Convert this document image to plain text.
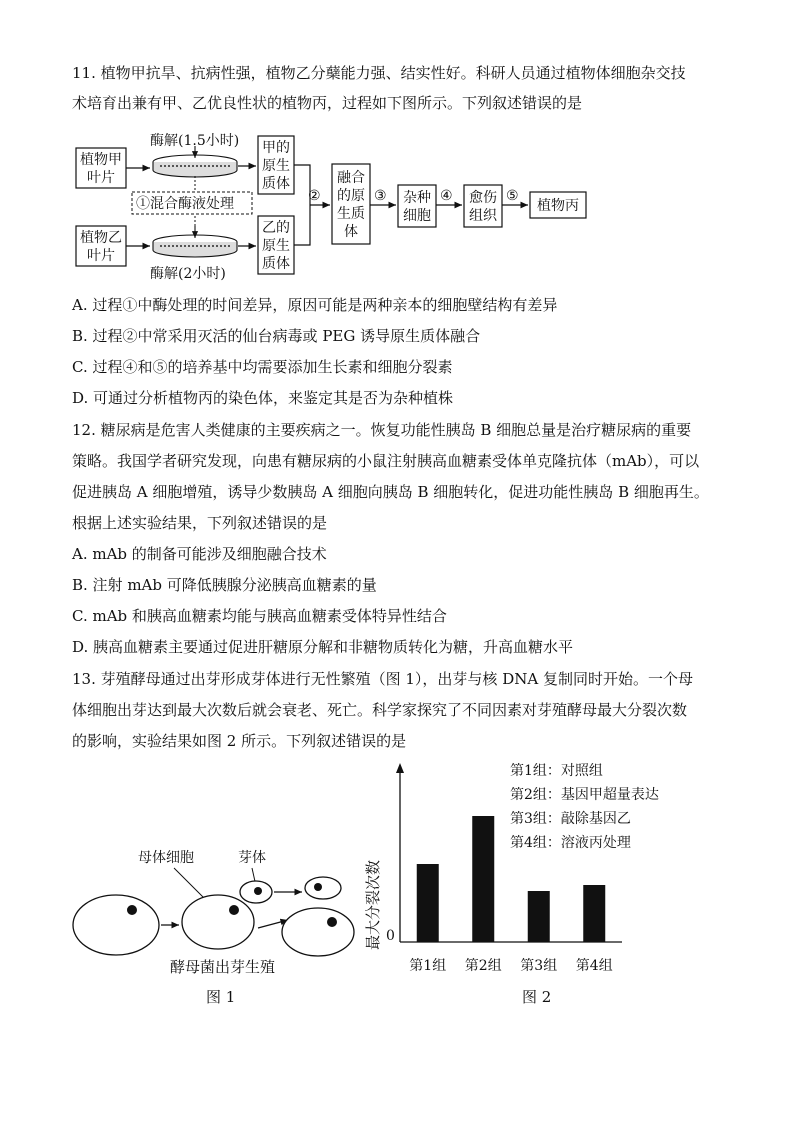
11. 植物甲抗旱、抗病性强，植物乙分蘖能力强、结实性好。科研人员通过植物体细胞杂交技
术培育出兼有甲、乙优良性状的植物丙，过程如下图所示。下列叙述错误的是
植物甲
叶片
植物乙
叶片
酶解(1.5小时)
酶解(2小时)
①混合酶液处理
甲的
原生
质体
乙的
原生
质体
②
融合
的原
生质
体
③ 杂种
细胞
④ 愈伤
组织
⑤
植物丙
A. 过程①中酶处理的时间差异，原因可能是两种亲本的细胞壁结构有差异
B. 过程②中常采用灭活的仙台病毒或 PEG 诱导原生质体融合
C. 过程④和⑤的培养基中均需要添加生长素和细胞分裂素
D. 可通过分析植物丙的染色体，来鉴定其是否为杂种植株
12. 糖尿病是危害人类健康的主要疾病之一。恢复功能性胰岛 B 细胞总量是治疗糖尿病的重要
策略。我国学者研究发现，向患有糖尿病的小鼠注射胰高血糖素受体单克隆抗体（mAb），可以
促进胰岛 A 细胞增殖，诱导少数胰岛 A 细胞向胰岛 B 细胞转化，促进功能性胰岛 B 细胞再生。
根据上述实验结果，下列叙述错误的是
A. mAb 的制备可能涉及细胞融合技术
B. 注射 mAb 可降低胰腺分泌胰高血糖素的量
C. mAb 和胰高血糖素均能与胰高血糖素受体特异性结合
D. 胰高血糖素主要通过促进肝糖原分解和非糖物质转化为糖，升高血糖水平
13. 芽殖酵母通过出芽形成芽体进行无性繁殖（图 1），出芽与核 DNA 复制同时开始。一个母
体细胞出芽达到最大次数后就会衰老、死亡。科学家探究了不同因素对芽殖酵母最大分裂次数
的影响，实验结果如图 2 所示。下列叙述错误的是
母体细胞	芽体
酵母菌出芽生殖
图 1
最大分裂次数 0
第1组 第2组 第3组 第4组
第1组：对照组
第2组：基因甲超量表达
第3组：敲除基因乙
第4组：溶液丙处理
图 2
